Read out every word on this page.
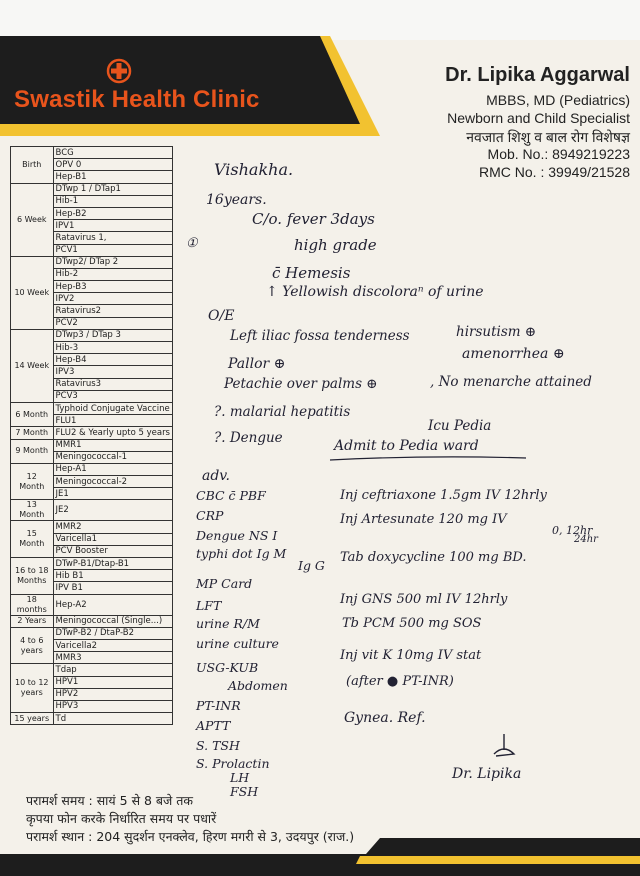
Swastik Health Clinic
Dr. Lipika Aggarwal
MBBS, MD (Pediatrics)
Newborn and Child Specialist
नवजात शिशु व बाल रोग विशेषज्ञ
Mob. No.: 8949219223
RMC No. : 39949/21528
Birth	BCG
	OPV 0
	Hep-B1
6 Week	DTwp 1 / DTap1
	Hib-1
	Hep-B2
	IPV1
	Ratavirus 1,
	PCV1
10 Week	DTwp2/ DTap 2
	Hib-2
	Hep-B3
	IPV2
	Ratavirus2
	PCV2
14 Week	DTwp3 / DTap 3
	Hib-3
	Hep-B4
	IPV3
	Ratavirus3
	PCV3
6 Month	Typhoid Conjugate Vaccine
	FLU1
7 Month	FLU2 & Yearly upto 5 years
9 Month	MMR1
	Meningococcal-1
12 Month	Hep-A1
	Meningococcal-2
	JE1
13 Month	JE2
15 Month	MMR2
	Varicella1
	PCV Booster
16 to 18 Months	DTwP-B1/Dtap-B1
	Hib B1
	IPV B1
18 months	Hep-A2
2 Years	Meningococcal (Single...)
4 to 6 years	DTwP-B2 / DtaP-B2
	Varicella2
	MMR3
10 to 12 years	Tdap
	HPV1
	HPV2
	HPV3
15 years	Td
Vishakha.
16years.
①
C/o. fever 3days
high grade
c̄ Hemesis
↑ Yellowish discoloraⁿ of urine
O/E
Left iliac fossa tenderness	hirsutism ⊕
Pallor ⊕
amenorrhea ⊕
Petachie over palms ⊕	, No menarche attained
?. malarial hepatitis
?. Dengue
Icu Pedia
Admit to Pedia ward
adv.
CBC c̄ PBF
CRP
Dengue NS I
typhi dot Ig M
Ig G
MP Card
LFT
urine R/M
urine culture
USG-KUB
Abdomen
PT-INR
APTT
S. TSH
S. Prolactin
LH
FSH
Inj ceftriaxone 1.5gm IV 12hrly
Inj Artesunate 120 mg IV
0, 12hr
24hr
Tab doxycycline 100 mg BD.
Inj GNS 500 ml IV 12hrly
Tb PCM 500 mg SOS
Inj vit K 10mg IV stat
(after ● PT-INR)
Gynea. Ref.
Dr. Lipika
परामर्श समय : सायं 5 से 8 बजे तक
कृपया फोन करके निर्धारित समय पर पधारें
परामर्श स्थान : 204 सुदर्शन एनक्लेव, हिरण मगरी से 3, उदयपुर (राज.)
